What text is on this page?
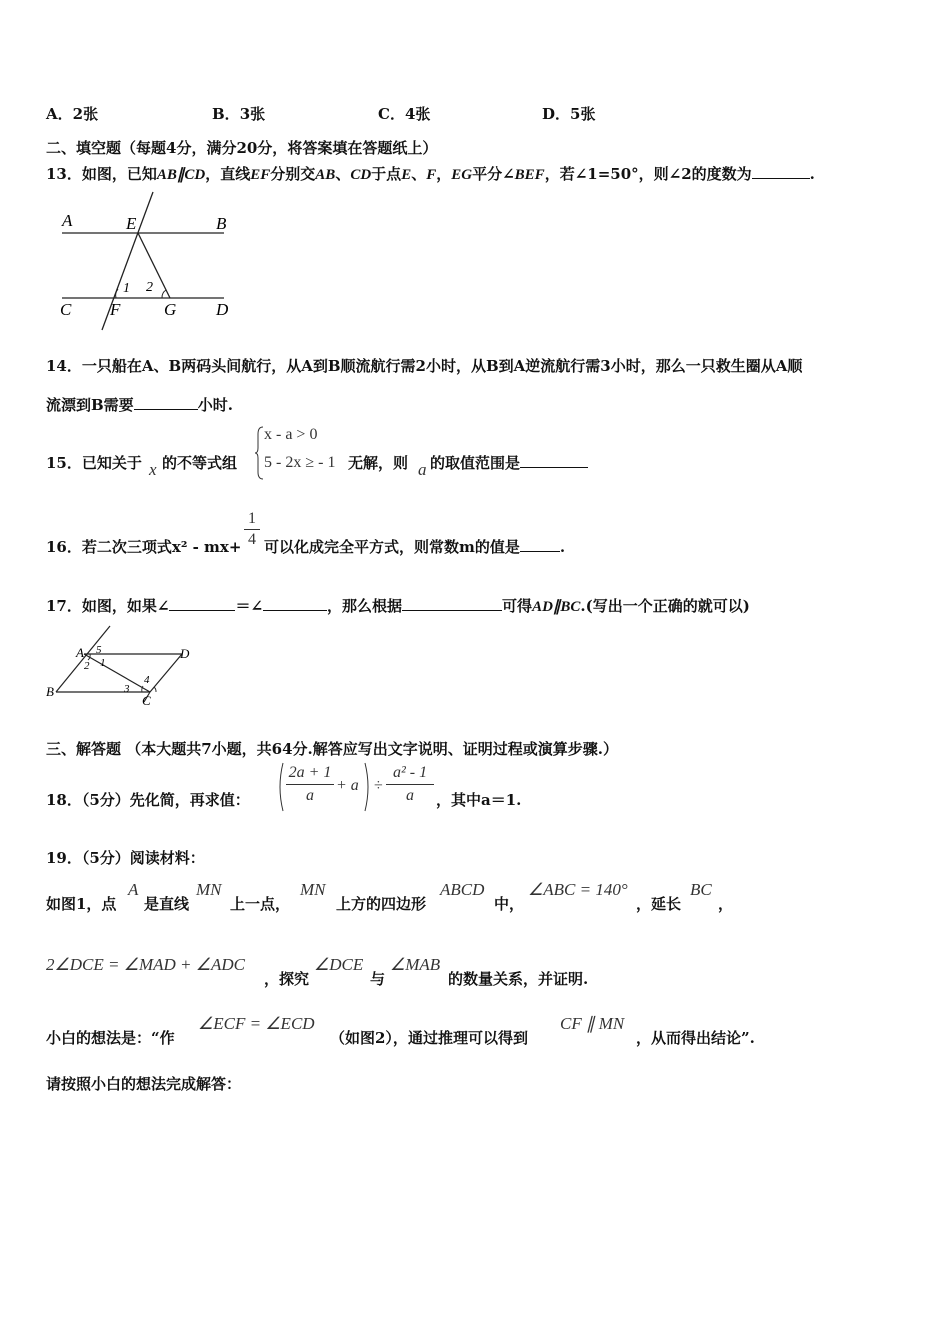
A．2张	B．3张	C．4张	D．5张
二、填空题（每题4分，满分20分，将答案填在答题纸上）
13．如图，已知AB∥CD，直线EF分别交AB、CD于点E、F，EG平分∠BEF，若∠1=50°，则∠2的度数为	.
A	E	B
C F	G D
1 2
14．一只船在A、B两码头间航行，从A到B顺流航行需2小时，从B到A逆流航行需3小时，那么一只救生圈从A顺
流漂到B需要	小时.
15．已知关于 x 的不等式组
x - a > 0
5 - 2x ≥ - 1 无解，则 a 的取值范围是
16．若二次三项式x² - mx+
1
4 可以化成完全平方式，则常数m的值是	.
17．如图，如果∠	＝∠	，那么根据	可得AD∥BC.(写出一个正确的就可以)
A	D
B
C
5
1
2
3
4
三、解答题 （本大题共7小题，共64分.解答应写出文字说明、证明过程或演算步骤.）
18．（5分）先化简，再求值：
2a + 1
a
+ a ÷
a² - 1
a	，其中a＝1.
19．（5分）阅读材料：
如图1，点
A
是直线
MN
上一点，
MN
上方的四边形
ABCD
中，
∠ABC = 140°
，延长
BC
，
2∠DCE = ∠MAD + ∠ADC
，探究
∠DCE
与
∠MAB
的数量关系，并证明.
小白的想法是：“作
∠ECF = ∠ECD
（如图2），通过推理可以得到
CF ∥ MN
，从而得出结论”.
请按照小白的想法完成解答：
